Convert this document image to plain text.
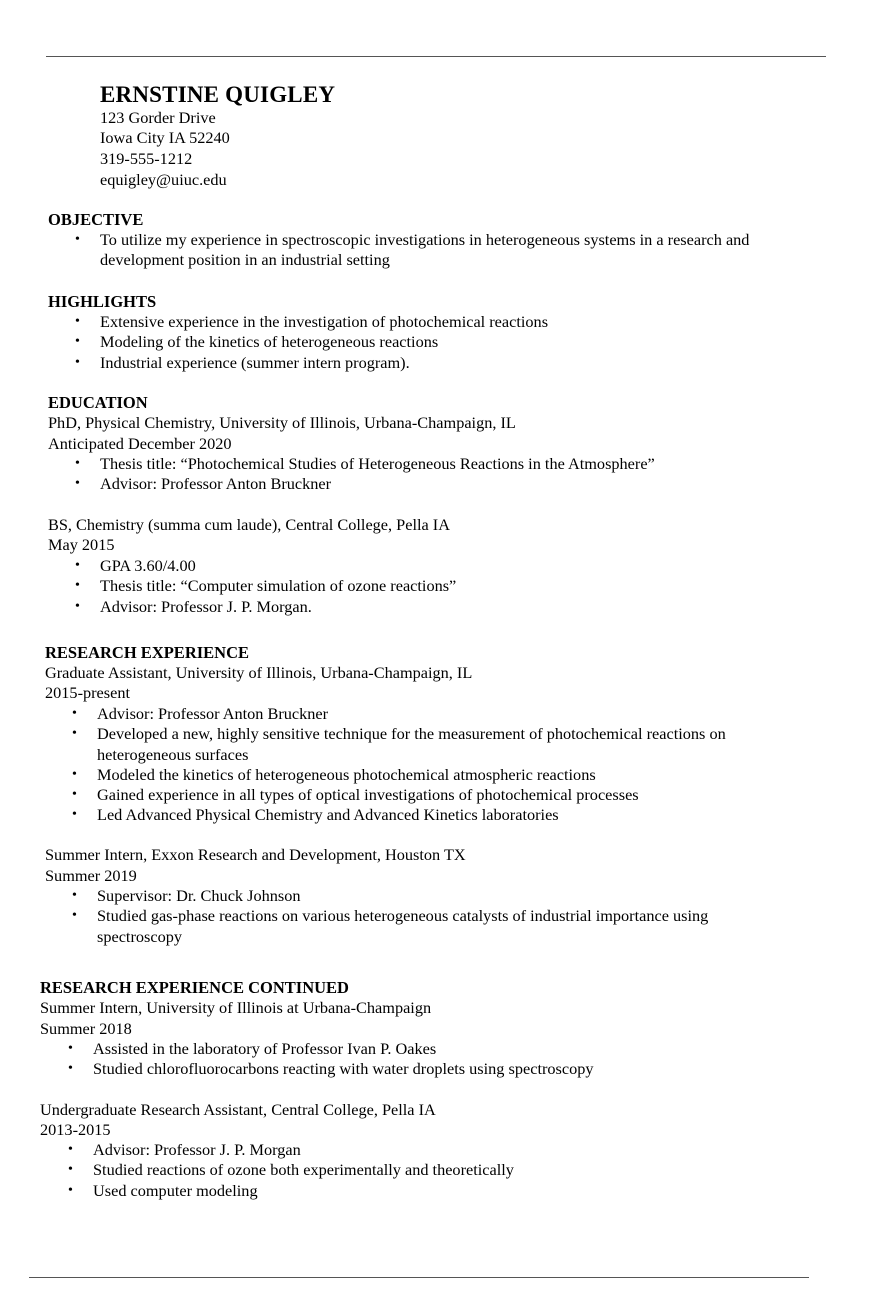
ERNSTINE QUIGLEY
123 Gorder Drive
Iowa City IA 52240
319-555-1212
equigley@uiuc.edu
OBJECTIVE
• To utilize my experience in spectroscopic investigations in heterogeneous systems in a research and
development position in an industrial setting
HIGHLIGHTS
• Extensive experience in the investigation of photochemical reactions
• Modeling of the kinetics of heterogeneous reactions
• Industrial experience (summer intern program).
EDUCATION
PhD, Physical Chemistry, University of Illinois, Urbana-Champaign, IL
Anticipated December 2020
• Thesis title: “Photochemical Studies of Heterogeneous Reactions in the Atmosphere”
• Advisor: Professor Anton Bruckner
BS, Chemistry (summa cum laude), Central College, Pella IA
May 2015
• GPA 3.60/4.00
• Thesis title: “Computer simulation of ozone reactions”
• Advisor: Professor J. P. Morgan.
RESEARCH EXPERIENCE
Graduate Assistant, University of Illinois, Urbana-Champaign, IL
2015-present
• Advisor: Professor Anton Bruckner
• Developed a new, highly sensitive technique for the measurement of photochemical reactions on
heterogeneous surfaces
• Modeled the kinetics of heterogeneous photochemical atmospheric reactions
• Gained experience in all types of optical investigations of photochemical processes
• Led Advanced Physical Chemistry and Advanced Kinetics laboratories
Summer Intern, Exxon Research and Development, Houston TX
Summer 2019
• Supervisor: Dr. Chuck Johnson
• Studied gas-phase reactions on various heterogeneous catalysts of industrial importance using
spectroscopy
RESEARCH EXPERIENCE CONTINUED
Summer Intern, University of Illinois at Urbana-Champaign
Summer 2018
• Assisted in the laboratory of Professor Ivan P. Oakes
• Studied chlorofluorocarbons reacting with water droplets using spectroscopy
Undergraduate Research Assistant, Central College, Pella IA
2013-2015
• Advisor: Professor J. P. Morgan
• Studied reactions of ozone both experimentally and theoretically
• Used computer modeling
